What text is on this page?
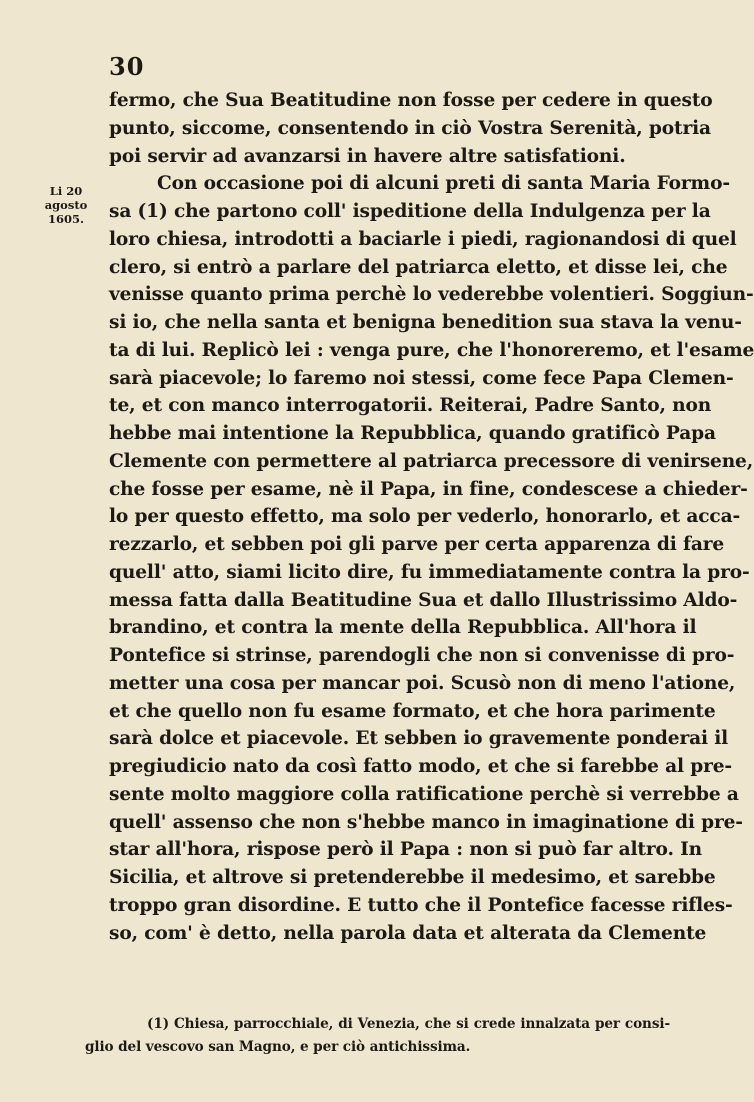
30
Li 20
agosto
1605.
fermo, che Sua Beatitudine non fosse per cedere in questo
punto, siccome, consentendo in ciò Vostra Serenità, potria
poi servir ad avanzarsi in havere altre satisfationi.
Con occasione poi di alcuni preti di santa Maria Formo-
sa (1) che partono coll' ispeditione della Indulgenza per la
loro chiesa, introdotti a baciarle i piedi, ragionandosi di quel
clero, si entrò a parlare del patriarca eletto, et disse lei, che
venisse quanto prima perchè lo vederebbe volentieri. Soggiun-
si io, che nella santa et benigna benedition sua stava la venu-
ta di lui. Replicò lei : venga pure, che l'honoreremo, et l'esame
sarà piacevole; lo faremo noi stessi, come fece Papa Clemen-
te, et con manco interrogatorii. Reiterai, Padre Santo, non
hebbe mai intentione la Repubblica, quando gratificò Papa
Clemente con permettere al patriarca precessore di venirsene,
che fosse per esame, nè il Papa, in fine, condescese a chieder-
lo per questo effetto, ma solo per vederlo, honorarlo, et acca-
rezzarlo, et sebben poi gli parve per certa apparenza di fare
quell' atto, siami licito dire, fu immediatamente contra la pro-
messa fatta dalla Beatitudine Sua et dallo Illustrissimo Aldo-
brandino, et contra la mente della Repubblica. All'hora il
Pontefice si strinse, parendogli che non si convenisse di pro-
metter una cosa per mancar poi. Scusò non di meno l'atione,
et che quello non fu esame formato, et che hora parimente
sarà dolce et piacevole. Et sebben io gravemente ponderai il
pregiudicio nato da così fatto modo, et che si farebbe al pre-
sente molto maggiore colla ratificatione perchè si verrebbe a
quell' assenso che non s'hebbe manco in imaginatione di pre-
star all'hora, rispose però il Papa : non si può far altro. In
Sicilia, et altrove si pretenderebbe il medesimo, et sarebbe
troppo gran disordine. E tutto che il Pontefice facesse rifles-
so, com' è detto, nella parola data et alterata da Clemente
(1) Chiesa, parrocchiale, di Venezia, che si crede innalzata per consi-
glio del vescovo san Magno, e per ciò antichissima.
